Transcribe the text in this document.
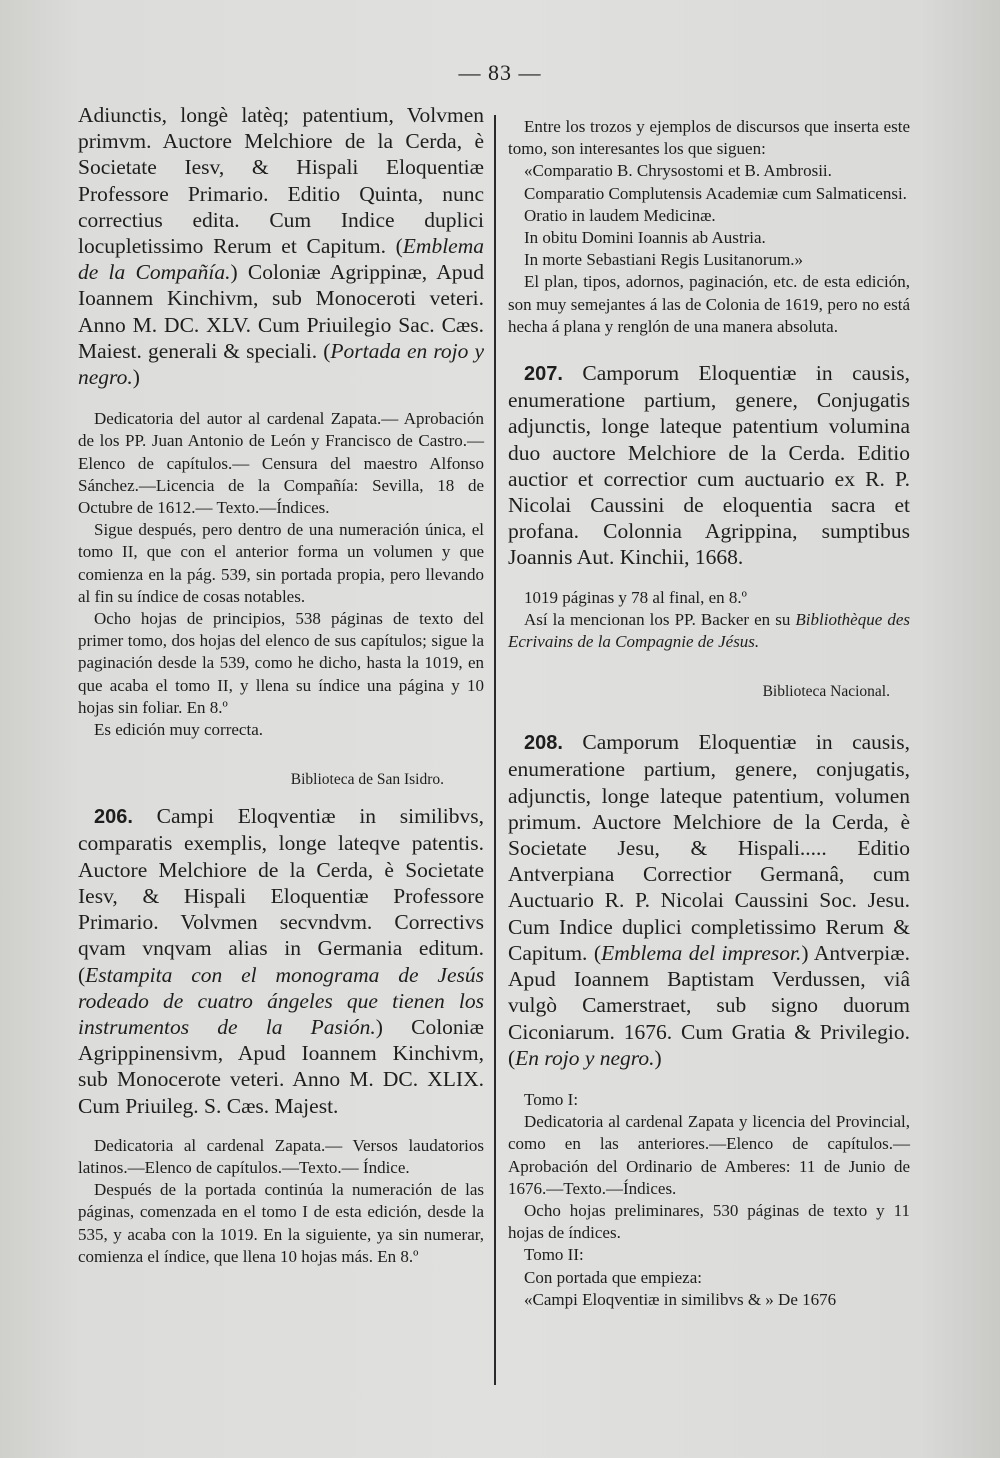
— 83 —

Adiunctis, longè latèq; patentium, Volvmen primvm. Auctore Melchiore de la Cerda, è Societate Iesv, & Hispali Eloquentiæ Professore Primario. Editio Quinta, nunc correctius edita. Cum Indice duplici locupletissimo Rerum et Capitum. (Emblema de la Compañía.) Coloniæ Agrippinæ, Apud Ioannem Kinchivm, sub Monoceroti veteri. Anno M. DC. XLV. Cum Priuilegio Sac. Cæs. Maiest. generali & speciali. (Portada en rojo y negro.)

Dedicatoria del autor al cardenal Zapata.— Aprobación de los PP. Juan Antonio de León y Francisco de Castro.—Elenco de capítulos.— Censura del maestro Alfonso Sánchez.—Licencia de la Compañía: Sevilla, 18 de Octubre de 1612.— Texto.—Índices.

Sigue después, pero dentro de una numeración única, el tomo II, que con el anterior forma un volumen y que comienza en la pág. 539, sin portada propia, pero llevando al fin su índice de cosas notables.

Ocho hojas de principios, 538 páginas de texto del primer tomo, dos hojas del elenco de sus capítulos; sigue la paginación desde la 539, como he dicho, hasta la 1019, en que acaba el tomo II, y llena su índice una página y 10 hojas sin foliar. En 8.º

Es edición muy correcta.

Biblioteca de San Isidro.

206. Campi Eloqventiæ in similibvs, comparatis exemplis, longe lateqve patentis. Auctore Melchiore de la Cerda, è Societate Iesv, & Hispali Eloquentiæ Professore Primario. Volvmen secvndvm. Correctivs qvam vnqvam alias in Germania editum. (Estampita con el monograma de Jesús rodeado de cuatro ángeles que tienen los instrumentos de la Pasión.) Coloniæ Agrippinensivm, Apud Ioannem Kinchivm, sub Monocerote veteri. Anno M. DC. XLIX. Cum Priuileg. S. Cæs. Majest.

Dedicatoria al cardenal Zapata.— Versos laudatorios latinos.—Elenco de capítulos.—Texto.— Índice.

Después de la portada continúa la numeración de las páginas, comenzada en el tomo I de esta edición, desde la 535, y acaba con la 1019. En la siguiente, ya sin numerar, comienza el índice, que llena 10 hojas más. En 8.º

Entre los trozos y ejemplos de discursos que inserta este tomo, son interesantes los que siguen:

«Comparatio B. Chrysostomi et B. Ambrosii.

Comparatio Complutensis Academiæ cum Salmaticensi.

Oratio in laudem Medicinæ.

In obitu Domini Ioannis ab Austria.

In morte Sebastiani Regis Lusitanorum.»

El plan, tipos, adornos, paginación, etc. de esta edición, son muy semejantes á las de Colonia de 1619, pero no está hecha á plana y renglón de una manera absoluta.

207. Camporum Eloquentiæ in causis, enumeratione partium, genere, Conjugatis adjunctis, longe lateque patentium voluminа duo auctore Melchiore de la Cerda. Editio auctior et correctior cum auctuario ex R. P. Nicolai Caussini de eloquentia sacra et profana. Colonnia Agrippina, sumptibus Joannis Aut. Kinchii, 1668.

1019 páginas y 78 al final, en 8.º

Así la mencionan los PP. Backer en su Bibliothèque des Ecrivains de la Compagnie de Jésus.

Biblioteca Nacional.

208. Camporum Eloquentiæ in causis, enumeratione partium, genere, conjugatis, adjunctis, longe lateque patentium, volumen primum. Auctore Melchiore de la Cerda, è Societate Jesu, & Hispali..... Editio Antverpiana Correctior Germanâ, cum Auctuario R. P. Nicolai Caussini Soc. Jesu. Cum Indice duplici completissimo Rerum & Capitum. (Emblema del impresor.) Antverpiæ. Apud Ioannem Baptistam Verdussen, viâ vulgò Camerstraet, sub signo duorum Ciconiarum. 1676. Cum Gratia & Privilegio. (En rojo y negro.)

Tomo I:

Dedicatoria al cardenal Zapata y licencia del Provincial, como en las anteriores.—Elenco de capítulos.—Aprobación del Ordinario de Amberes: 11 de Junio de 1676.—Texto.—Índices.

Ocho hojas preliminares, 530 páginas de texto y 11 hojas de índices.

Tomo II:

Con portada que empieza:

«Campi Eloqventiæ in similibvs & » De 1676
